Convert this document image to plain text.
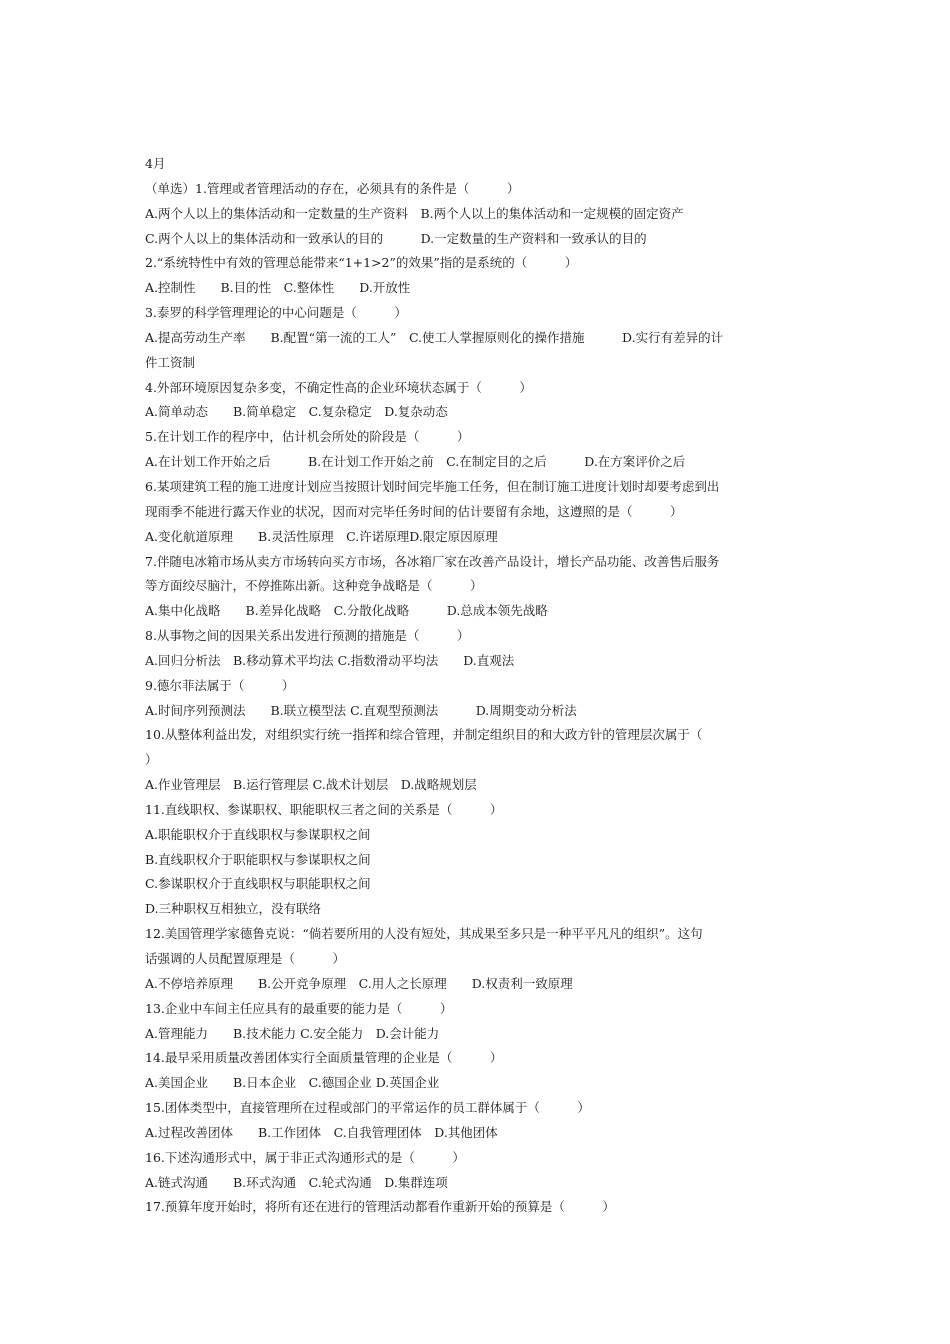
4月
（单选）1.管理或者管理活动的存在，必须具有的条件是（　　　）
A.两个人以上的集体活动和一定数量的生产资料　B.两个人以上的集体活动和一定规模的固定资产
C.两个人以上的集体活动和一致承认的目的　　　D.一定数量的生产资料和一致承认的目的
2.“系统特性中有效的管理总能带来“1+1>2”的效果”指的是系统的（　　　）
A.控制性　　B.目的性　C.整体性　　D.开放性
3.泰罗的科学管理理论的中心问题是（　　　）
A.提高劳动生产率　　B.配置“第一流的工人”　C.使工人掌握原则化的操作措施　　　D.实行有差异的计
件工资制
4.外部环境原因复杂多变，不确定性高的企业环境状态属于（　　　）
A.简单动态　　B.简单稳定　C.复杂稳定　D.复杂动态
5.在计划工作的程序中，估计机会所处的阶段是（　　　）
A.在计划工作开始之后　　　B.在计划工作开始之前　C.在制定目的之后　　　D.在方案评价之后
6.某项建筑工程的施工进度计划应当按照计划时间完毕施工任务，但在制订施工进度计划时却要考虑到出
现雨季不能进行露天作业的状况，因而对完毕任务时间的估计要留有余地，这遵照的是（　　　）
A.变化航道原理　　B.灵活性原理　C.许诺原理D.限定原因原理
7.伴随电冰箱市场从卖方市场转向买方市场，各冰箱厂家在改善产品设计，增长产品功能、改善售后服务
等方面绞尽脑汁，不停推陈出新。这种竞争战略是（　　　）
A.集中化战略　　B.差异化战略　C.分散化战略　　　D.总成本领先战略
8.从事物之间的因果关系出发进行预测的措施是（　　　）
A.回归分析法　B.移动算术平均法 C.指数滑动平均法　　D.直观法
9.德尔菲法属于（　　　）
A.时间序列预测法　　B.联立模型法 C.直观型预测法　　　D.周期变动分析法
10.从整体利益出发，对组织实行统一指挥和综合管理，并制定组织目的和大政方针的管理层次属于（
）
A.作业管理层　B.运行管理层 C.战术计划层　D.战略规划层
11.直线职权、参谋职权、职能职权三者之间的关系是（　　　）
A.职能职权介于直线职权与参谋职权之间
B.直线职权介于职能职权与参谋职权之间
C.参谋职权介于直线职权与职能职权之间
D.三种职权互相独立，没有联络
12.美国管理学家德鲁克说：“倘若要所用的人没有短处，其成果至多只是一种平平凡凡的组织”。这句
话强调的人员配置原理是（　　　）
A.不停培养原理　　B.公开竞争原理　C.用人之长原理　　D.权责利一致原理
13.企业中车间主任应具有的最重要的能力是（　　　）
A.管理能力　　B.技术能力 C.安全能力　D.会计能力
14.最早采用质量改善团体实行全面质量管理的企业是（　　　）
A.美国企业　　B.日本企业　C.德国企业 D.英国企业
15.团体类型中，直接管理所在过程或部门的平常运作的员工群体属于（　　　）
A.过程改善团体　　B.工作团体　C.自我管理团体　D.其他团体
16.下述沟通形式中，属于非正式沟通形式的是（　　　）
A.链式沟通　　B.环式沟通　C.轮式沟通　D.集群连项
17.预算年度开始时，将所有还在进行的管理活动都看作重新开始的预算是（　　　）
